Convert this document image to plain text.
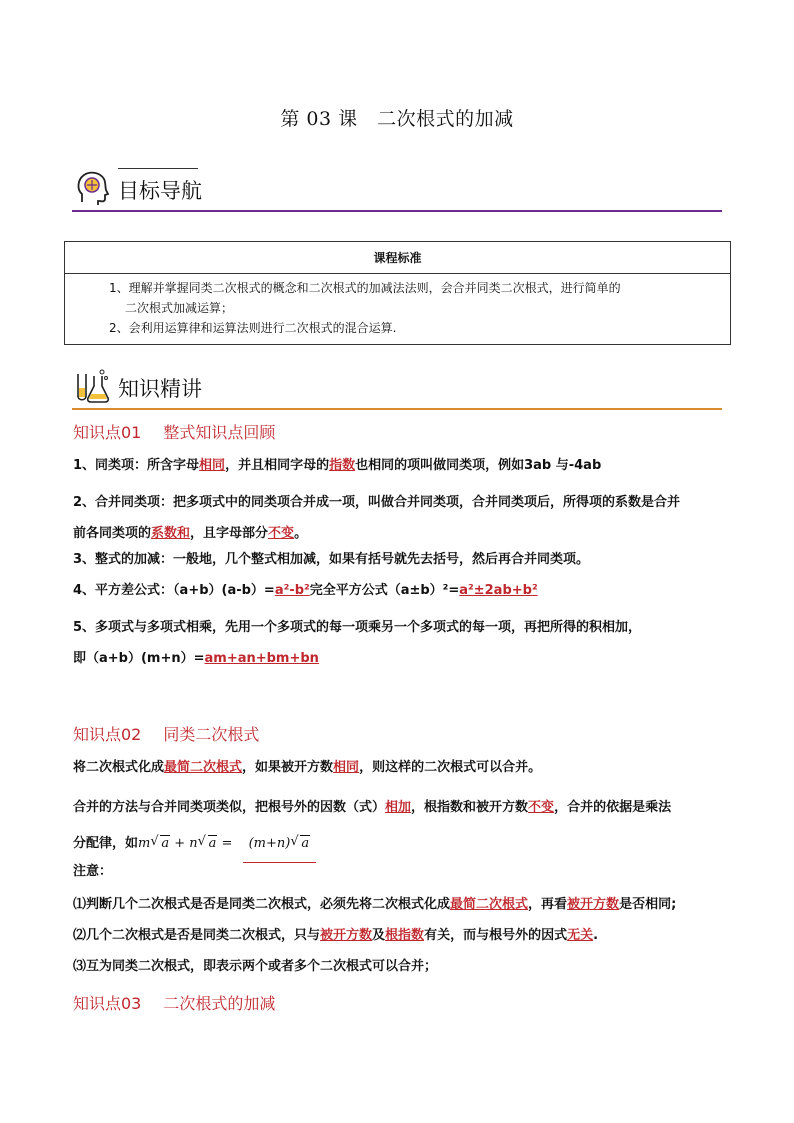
第 03 课　二次根式的加减
目标导航
课程标准
1、理解并掌握同类二次根式的概念和二次根式的加减法法则，会合并同类二次根式，进行简单的
二次根式加减运算；
2、会利用运算律和运算法则进行二次根式的混合运算.
知识精讲
知识点01 整式知识点回顾
1、同类项：所含字母相同，并且相同字母的指数也相同的项叫做同类项，例如3ab 与-4ab
2、合并同类项：把多项式中的同类项合并成一项，叫做合并同类项，合并同类项后，所得项的系数是合并
前各同类项的系数和，且字母部分不变。
3、整式的加减：一般地，几个整式相加减，如果有括号就先去括号，然后再合并同类项。
4、平方差公式：（a+b）(a-b）=a²-b²完全平方公式（a±b）²=a²±2ab+b²
5、多项式与多项式相乘，先用一个多项式的每一项乘另一个多项式的每一项，再把所得的积相加，
即（a+b）(m+n）=am+an+bm+bn
知识点02 同类二次根式
将二次根式化成最简二次根式，如果被开方数相同，则这样的二次根式可以合并。
合并的方法与合并同类项类似，把根号外的因数（式）相加，根指数和被开方数不变，合并的依据是乘法
分配律，如m √ a + n √ a = (m+n) √ a
注意：
⑴判断几个二次根式是否是同类二次根式，必须先将二次根式化成最简二次根式，再看被开方数是否相同;
⑵几个二次根式是否是同类二次根式，只与被开方数及根指数有关，而与根号外的因式无关.
⑶互为同类二次根式，即表示两个或者多个二次根式可以合并；
知识点03 二次根式的加减
